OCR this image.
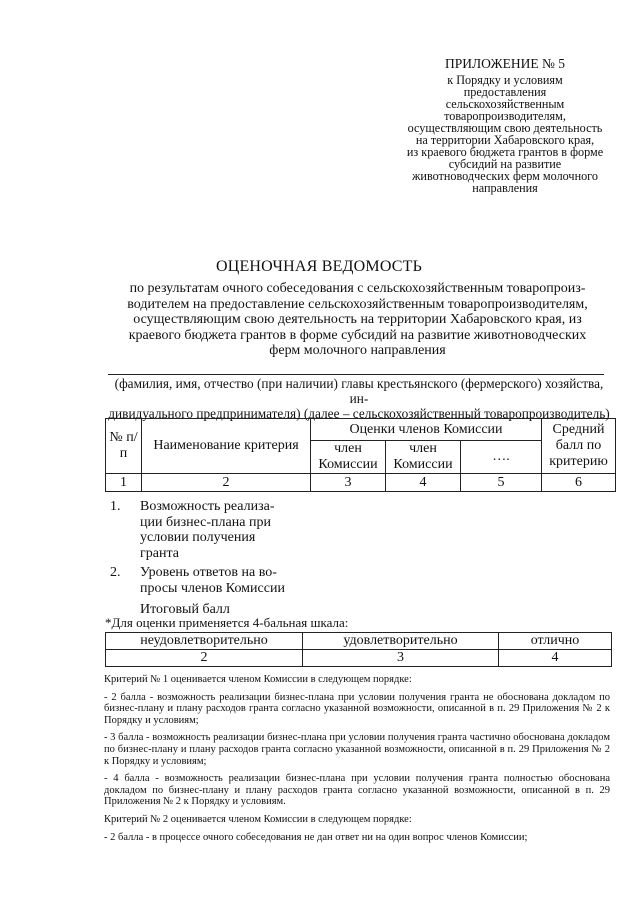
ПРИЛОЖЕНИЕ № 5
к Порядку и условиям
предоставления
сельскохозяйственным
товаропроизводителям,
осуществляющим свою деятельность
на территории Хабаровского края,
из краевого бюджета грантов в форме
субсидий на развитие
животноводческих ферм молочного
направления
ОЦЕНОЧНАЯ ВЕДОМОСТЬ
по результатам очного собеседования с сельскохозяйственным товаропроиз-
водителем на предоставление сельскохозяйственным товаропроизводителям,
осуществляющим свою деятельность на территории Хабаровского края, из
краевого бюджета грантов в форме субсидий на развитие животноводческих
ферм молочного направления
(фамилия, имя, отчество (при наличии) главы крестьянского (фермерского) хозяйства, ин-
дивидуального предпринимателя) (далее – сельскохозяйственный товаропроизводитель)
№ п/п	Наименование критерия	Оценки членов Комиссии			Средний балл по критерию
		член Комиссии	член Комиссии	….	
1	2	3	4	5	6
1.	Возможность реализа-
ции бизнес-плана при
условии получения
гранта
2.	Уровень ответов на во-
просы членов Комиссии
Итоговый балл
*Для оценки применяется 4-бальная шкала:
неудовлетворительно	удовлетворительно	отлично
2	3	4

Критерий № 1 оценивается членом Комиссии в следующем порядке:

- 2 балла - возможность реализации бизнес-плана при условии получения гранта не обоснована докладом по бизнес-плану и плану расходов гранта согласно указанной возможности, описанной в п. 29 Приложения № 2 к Порядку и условиям;

- 3 балла - возможность реализации бизнес-плана при условии получения гранта частично обоснована докладом по бизнес-плану и плану расходов гранта согласно указанной возможности, описанной в п. 29 Приложения № 2 к Порядку и условиям;

- 4 балла - возможность реализации бизнес-плана при условии получения гранта полностью обоснована докладом по бизнес-плану и плану расходов гранта согласно указанной возможности, описанной в п. 29 Приложения № 2 к Порядку и условиям.

Критерий № 2 оценивается членом Комиссии в следующем порядке:

- 2 балла - в процессе очного собеседования не дан ответ ни на один вопрос членов Комиссии;
